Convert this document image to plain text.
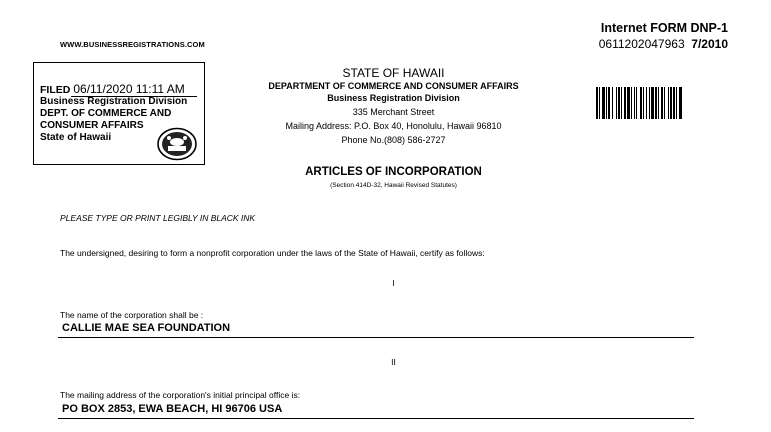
WWW.BUSINESSREGISTRATIONS.COM
Internet FORM DNP-1
0611202047963 7/2010
FILED 06/11/2020 11:11 AM
Business Registration Division
DEPT. OF COMMERCE AND
CONSUMER AFFAIRS
State of Hawaii
STATE OF HAWAII
DEPARTMENT OF COMMERCE AND CONSUMER AFFAIRS
Business Registration Division
335 Merchant Street
Mailing Address: P.O. Box 40, Honolulu, Hawaii 96810
Phone No.(808) 586-2727
ARTICLES OF INCORPORATION
(Section 414D-32, Hawaii Revised Statutes)
PLEASE TYPE OR PRINT LEGIBLY IN BLACK INK
The undersigned, desiring to form a nonprofit corporation under the laws of the State of Hawaii, certify as follows:
I
The name of the corporation shall be :
CALLIE MAE SEA FOUNDATION
II
The mailing address of the corporation's initial principal office is:
PO BOX 2853, EWA BEACH, HI 96706 USA
